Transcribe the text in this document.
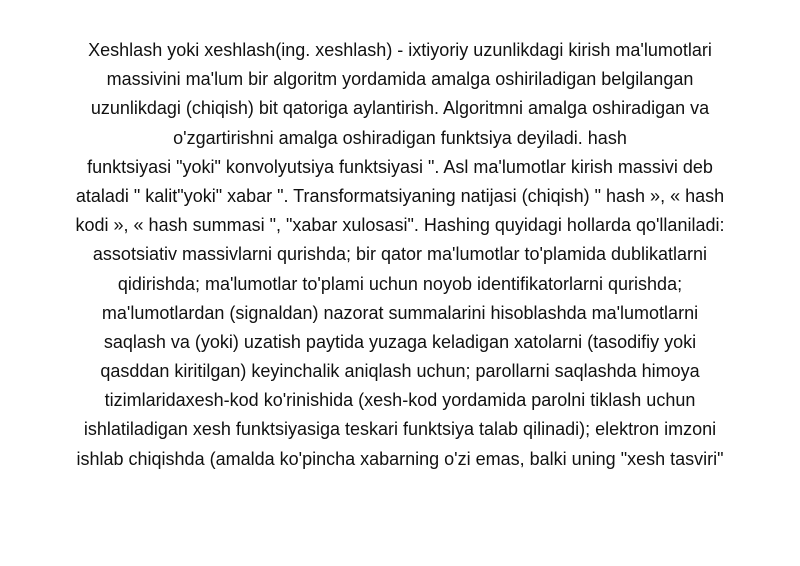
Xeshlash yoki xeshlash(ing. xeshlash) - ixtiyoriy uzunlikdagi kirish ma'lumotlari
massivini ma'lum bir algoritm yordamida amalga oshiriladigan belgilangan
uzunlikdagi (chiqish) bit qatoriga aylantirish. Algoritmni amalga oshiradigan va
o'zgartirishni amalga oshiradigan funktsiya deyiladi. hash
funktsiyasi "yoki" konvolyutsiya funktsiyasi ". Asl ma'lumotlar kirish massivi deb
ataladi " kalit"yoki" xabar ". Transformatsiyaning natijasi (chiqish) " hash », « hash
kodi », « hash summasi ", "xabar xulosasi". Hashing quyidagi hollarda qo'llaniladi:
assotsiativ massivlarni qurishda; bir qator ma'lumotlar to'plamida dublikatlarni
qidirishda; ma'lumotlar to'plami uchun noyob identifikatorlarni qurishda;
ma'lumotlardan (signaldan) nazorat summalarini hisoblashda ma'lumotlarni
saqlash va (yoki) uzatish paytida yuzaga keladigan xatolarni (tasodifiy yoki
qasddan kiritilgan) keyinchalik aniqlash uchun; parollarni saqlashda himoya
tizimlaridaxesh-kod ko'rinishida (xesh-kod yordamida parolni tiklash uchun
ishlatiladigan xesh funktsiyasiga teskari funktsiya talab qilinadi); elektron imzoni
ishlab chiqishda (amalda ko'pincha xabarning o'zi emas, balki uning "xesh tasviri"
